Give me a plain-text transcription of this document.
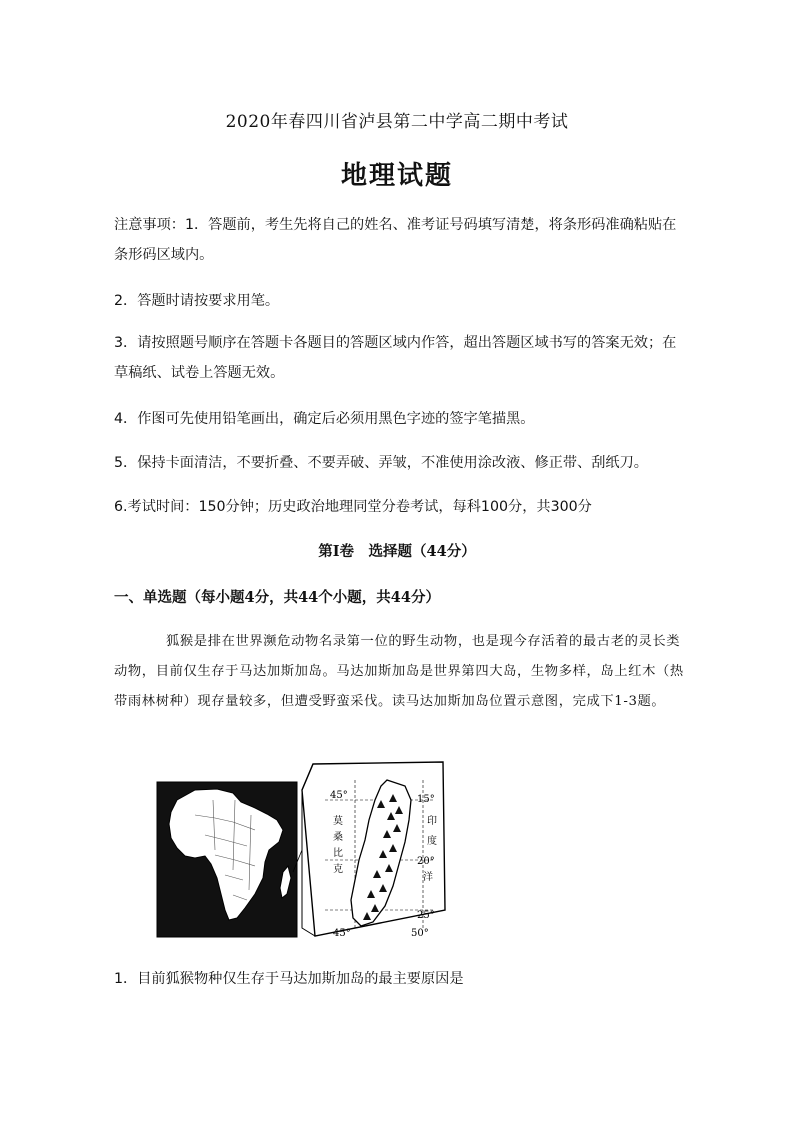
2020年春四川省泸县第二中学高二期中考试
地理试题
注意事项：1．答题前，考生先将自己的姓名、准考证号码填写清楚，将条形码准确粘贴在条形码区域内。
2．答题时请按要求用笔。
3．请按照题号顺序在答题卡各题目的答题区域内作答，超出答题区域书写的答案无效；在草稿纸、试卷上答题无效。
4．作图可先使用铅笔画出，确定后必须用黑色字迹的签字笔描黑。
5．保持卡面清洁，不要折叠、不要弄破、弄皱，不准使用涂改液、修正带、刮纸刀。
6.考试时间：150分钟；历史政治地理同堂分卷考试，每科100分，共300分
第Ⅰ卷　选择题（44分）
一、单选题（每小题4分，共44个小题，共44分）
狐猴是排在世界濒危动物名录第一位的野生动物，也是现今存活着的最古老的灵长类动物，目前仅生存于马达加斯加岛。马达加斯加岛是世界第四大岛，生物多样，岛上红木（热带雨林树种）现存量较多，但遭受野蛮采伐。读马达加斯加岛位置示意图，完成下1-3题。
45°	15°
20°
25°
45°	50°
莫
桑
比
克
印
度
洋
1．目前狐猴物种仅生存于马达加斯加岛的最主要原因是
